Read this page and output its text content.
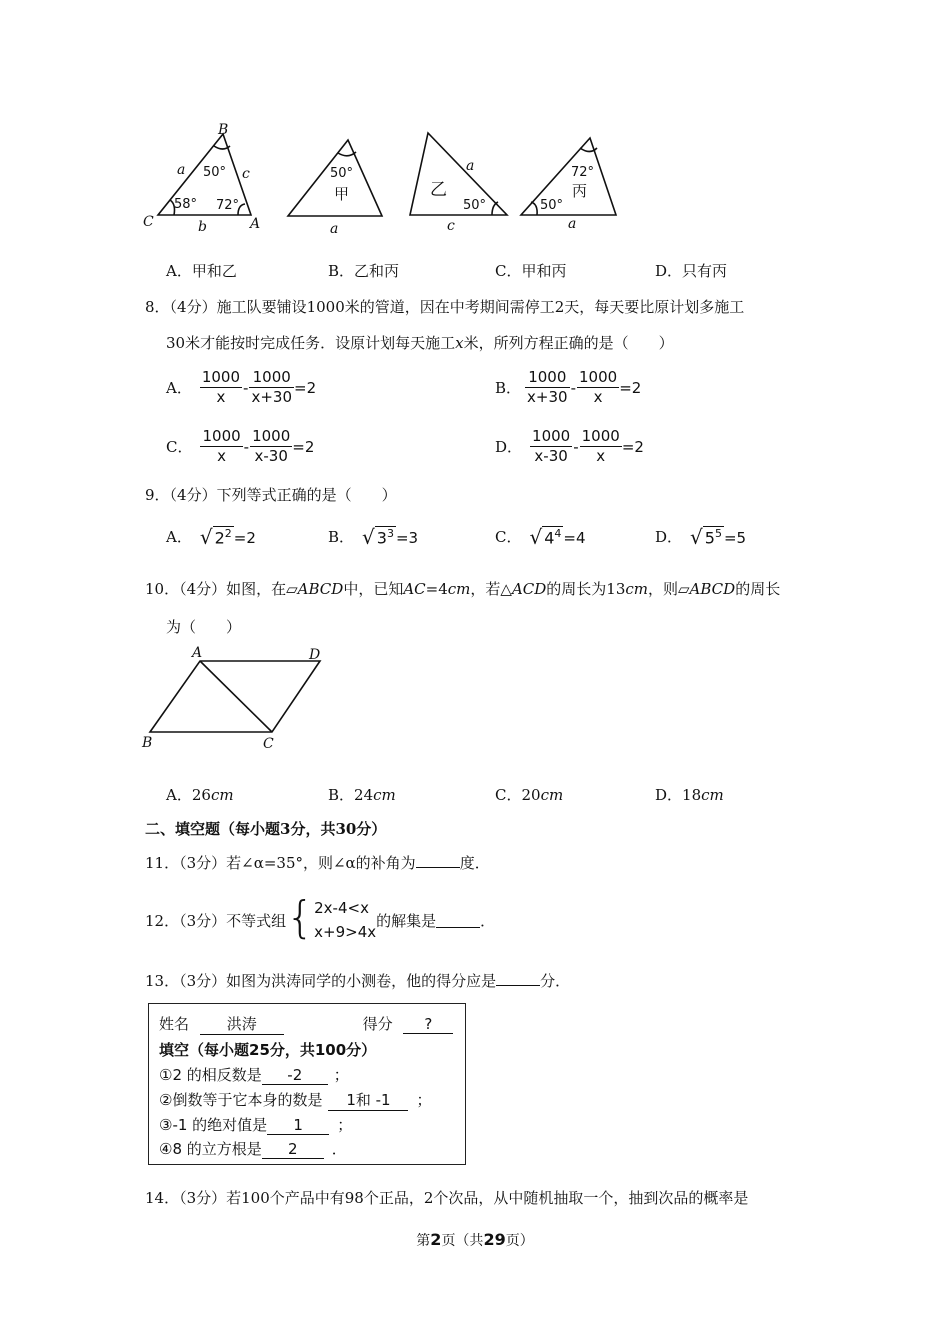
B
C	A
a	c
b	a
a
c	a
50°
58° 72°
50°
甲	乙
50°
72°
丙
50°
A．甲和乙	B．乙和丙	C．甲和丙	D．只有丙
8．（4分）施工队要铺设1000米的管道，因在中考期间需停工2天，每天要比原计划多施工
30米才能按时完成任务．设原计划每天施工x米，所列方程正确的是（　　）
A． $\frac{1000}{x} - \frac{1000}{x+30} =2$	B． $\frac{1000}{x+30} - \frac{1000}{x} =2$
C． $\frac{1000}{x} - \frac{1000}{x-30} =2$	D． $\frac{1000}{x-30} - \frac{1000}{x} =2$
9．（4分）下列等式正确的是（　　）
A． √ $2^2 =2$	B． √ $3^3 =3$	C． √ $4^4 =4$	D． √ $5^5 =5$
10．（4分）如图，在▱ABCD中，已知AC=4cm，若△ACD的周长为13cm，则▱ABCD的周长
为（　　）
A	D
B	C
A．26cm	B．24cm	C．20cm	D．18cm
二、填空题（每小题3分，共30分）
11．（3分）若∠α=35°，则∠α的补角为	度．
12．（3分）不等式组 { 2x-4<x
x+9>4x
的解集是	．
13．（3分）如图为洪涛同学的小测卷，他的得分应是	分．
姓名	洪涛	得分 ?
填空（每小题25分，共100分）
①2 的相反数是 -2 ；
②倒数等于它本身的数是 1和 -1 ；
③-1 的绝对值是 1 ；
④8 的立方根是 2 ．
14．（3分）若100个产品中有98个正品，2个次品，从中随机抽取一个，抽到次品的概率是
第2页（共29页）
